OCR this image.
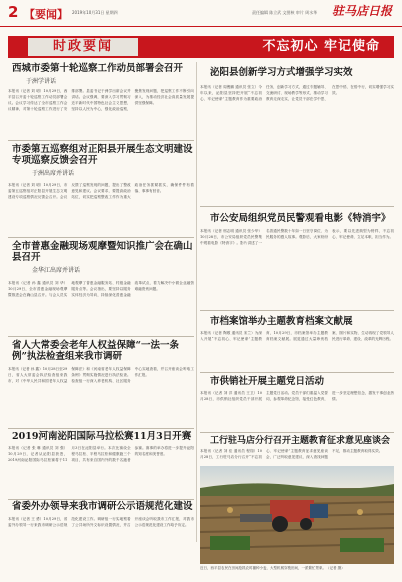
2 【要闻】 2019年10月31日 星期四	责任编辑 陈立武 文图核 审片 周水华 驻马店日报
时政要闻	不忘初心 牢记使命
西城市委第十轮巡察工作动员部署会召开
于洲学讲话
本报讯（记者 刘 明）10月29日，西平县召开委十轮巡察工作动员部署会议。会议学习传达了全市巡察工作会议精神，对第十轮巡察工作进行了安排部署。县委书记于洲学出席会议并讲话。会议强调，要深入学习贯彻习近平新时代中国特色社会主义思想，坚持以人民为中心，强化政治巡察，聚焦发现问题，把巡察工作不断引向深入，为推动经济社会高质量发展提供坚强保障。
市委第五巡察组对正阳县开展生态文明建设专项巡察反馈会召开
于洲出席并讲话
本报讯（记者 刘 明）10月29日，市委第五巡察组对正阳县开展生态文明建设专项巡察情况反馈会召开。会议反馈了巡察发现的问题，提出了整改意见和建议。会议要求，要提高政治站位，切实把巡察整改工作作为重大政治任务抓紧抓实，确保件件有着落、事事有回音。
全市普惠金融现场观摩暨知识推广会在确山县召开
金华江出席并讲话
本报讯（记者 孙 鑫 通讯员 刘 华）10月29日，全市普惠金融现场观摩暨推进会在确山县召开。与会人员实地观摩了普惠金融服务站、村级金融服务点等。会议指出，要坚持以服务实体经济为导向，持续深化普惠金融改革试点，着力解决中小微企业融资难融资贵问题。
省人大常委会老年人权益保障“一法一条例”执法检查组来我市调研
本报讯（记者 孙 鑫）10月28日至29日，省人大常委会执法检查组来我市，对《中华人民共和国老年人权益保障法》和《河南省老年人权益保障条例》贯彻实施情况进行执法检查。检查组一行深入养老机构、社区服务中心实地查看，并召开座谈会听取工作汇报。
2019河南泌阳国际马拉松赛11月3日开赛
本报讯（记者 张 琳 通讯员 刘 强）10月29日，记者从泌阳县获悉，2019河南泌阳国际马拉松赛将于11月3日在泌阳县举行。本次比赛设全程马拉松、半程马拉松和健康跑三个项目，共有来自国内外的数千名跑者参赛。赛事的举办将进一步提升泌阳的知名度和美誉度。
省委外办领导来我市调研公示语规范化建设
本报讯（记者 王 勇）10月29日，省委外办领导一行来我市调研公示语规范化建设工作。调研组一行实地察看了公共场所外文标识设置情况，并召开座谈会听取我市工作汇报，对我市公示语规范化建设工作给予肯定。
泌阳县创新学习方式增强学习实效
本报讯（记者 周俊鹏 通讯员 张立）今年以来，泌阳县坚持把开展“不忘初心、牢记使命”主题教育作为重要政治任务，创新学习方式，通过专题辅导、交流研讨、现场教学等形式，推动学习教育走深走实，让党员干部在学中思、在思中悟、在悟中行，切实增强学习实效。
市公安局组织党员民警观看电影《特消宇》
本报讯（记者 邢志明 通讯员 张少华）10月28日，市公安局组织党员民警集中观看电影《特消宇》。影片讲述了一名普通民警数十年如一日坚守岗位、为民服务的感人故事。观影后，大家纷纷表示，要以先进典型为榜样，不忘初心、牢记使命，立足本职，担当作为。
市档案馆举办主题教育档案文献展
本报讯（记者 陶敬 通讯员 宋兰）为深入开展“不忘初心、牢记使命”主题教育，10月29日，市档案馆举办主题教育档案文献展。展览通过大量珍贵档案、图片和实物，生动再现了党领导人民进行革命、建设、改革的光辉历程。
市供销社开展主题党日活动
本报讯（记者 刘 洋 通讯员 王卫）10月28日，市供销社组织党员干部开展主题党日活动。党员干部们重温入党誓词，参观革命纪念馆，接受红色教育，进一步坚定理想信念，激发干事创业热情。
工行驻马店分行召开主题教育征求意见座谈会
本报讯（记者 刘 佳 通讯员 程翔）10月28日，工行驻马店分行召开“不忘初心、牢记使命”主题教育征求意见座谈会，广泛听取意见建议，深入查找问题不足，推动主题教育取得实效。
近日，西平县农民在田间抢抓农时播种小麦，大型机械穿梭田间，一派繁忙景象。（记者 摄）
